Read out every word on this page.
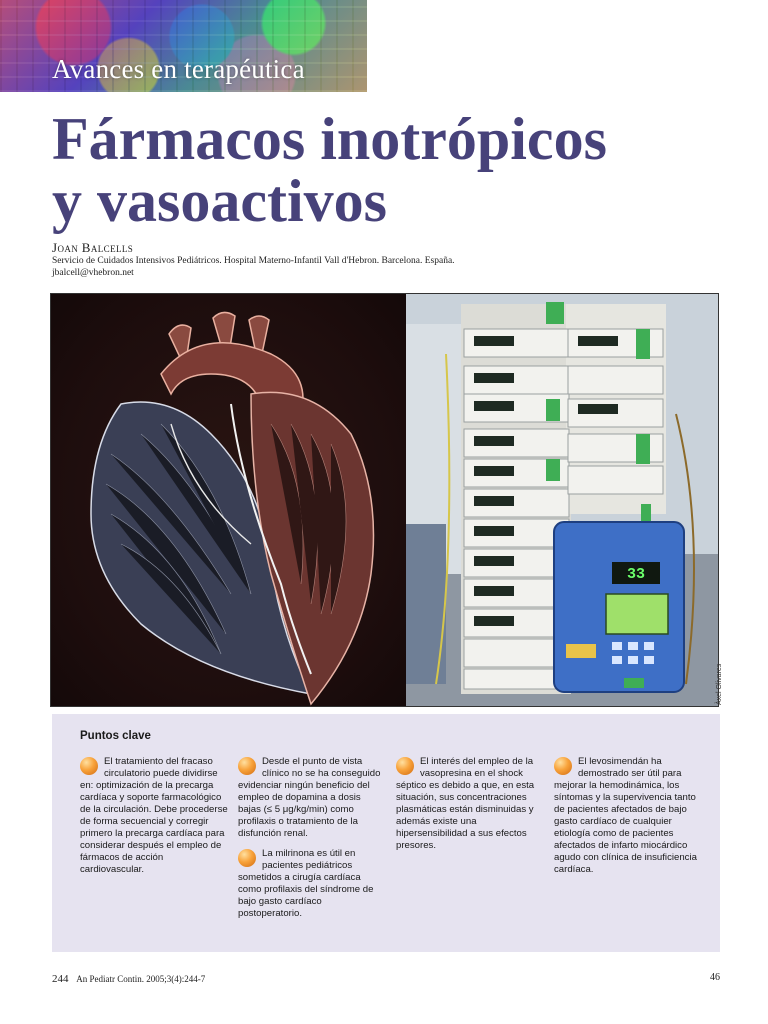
Avances en terapéutica
Fármacos inotrópicos
y vasoactivos
Joan Balcells
Servicio de Cuidados Intensivos Pediátricos. Hospital Materno-Infantil Vall d'Hebron. Barcelona. España.
jbalcell@vhebron.net
33
Àxel Olivares
Puntos clave
El tratamiento del fracaso circulatorio puede dividirse en: optimización de la precarga cardíaca y soporte farmacológico de la circulación. Debe procederse de forma secuencial y corregir primero la precarga cardíaca para considerar después el empleo de fármacos de acción cardiovascular.
Desde el punto de vista clínico no se ha conseguido evidenciar ningún beneficio del empleo de dopamina a dosis bajas (≤ 5 μg/kg/min) como profilaxis o tratamiento de la disfunción renal.
La milrinona es útil en pacientes pediátricos sometidos a cirugía cardíaca como profilaxis del síndrome de bajo gasto cardíaco postoperatorio.
El interés del empleo de la vasopresina en el shock séptico es debido a que, en esta situación, sus concentraciones plasmáticas están disminuidas y además existe una hipersensibilidad a sus efectos presores.
El levosimendán ha demostrado ser útil para mejorar la hemodinámica, los síntomas y la supervivencia tanto de pacientes afectados de bajo gasto cardíaco de cualquier etiología como de pacientes afectados de infarto miocárdico agudo con clínica de insuficiencia cardíaca.
244 An Pediatr Contin. 2005;3(4):244-7	46
